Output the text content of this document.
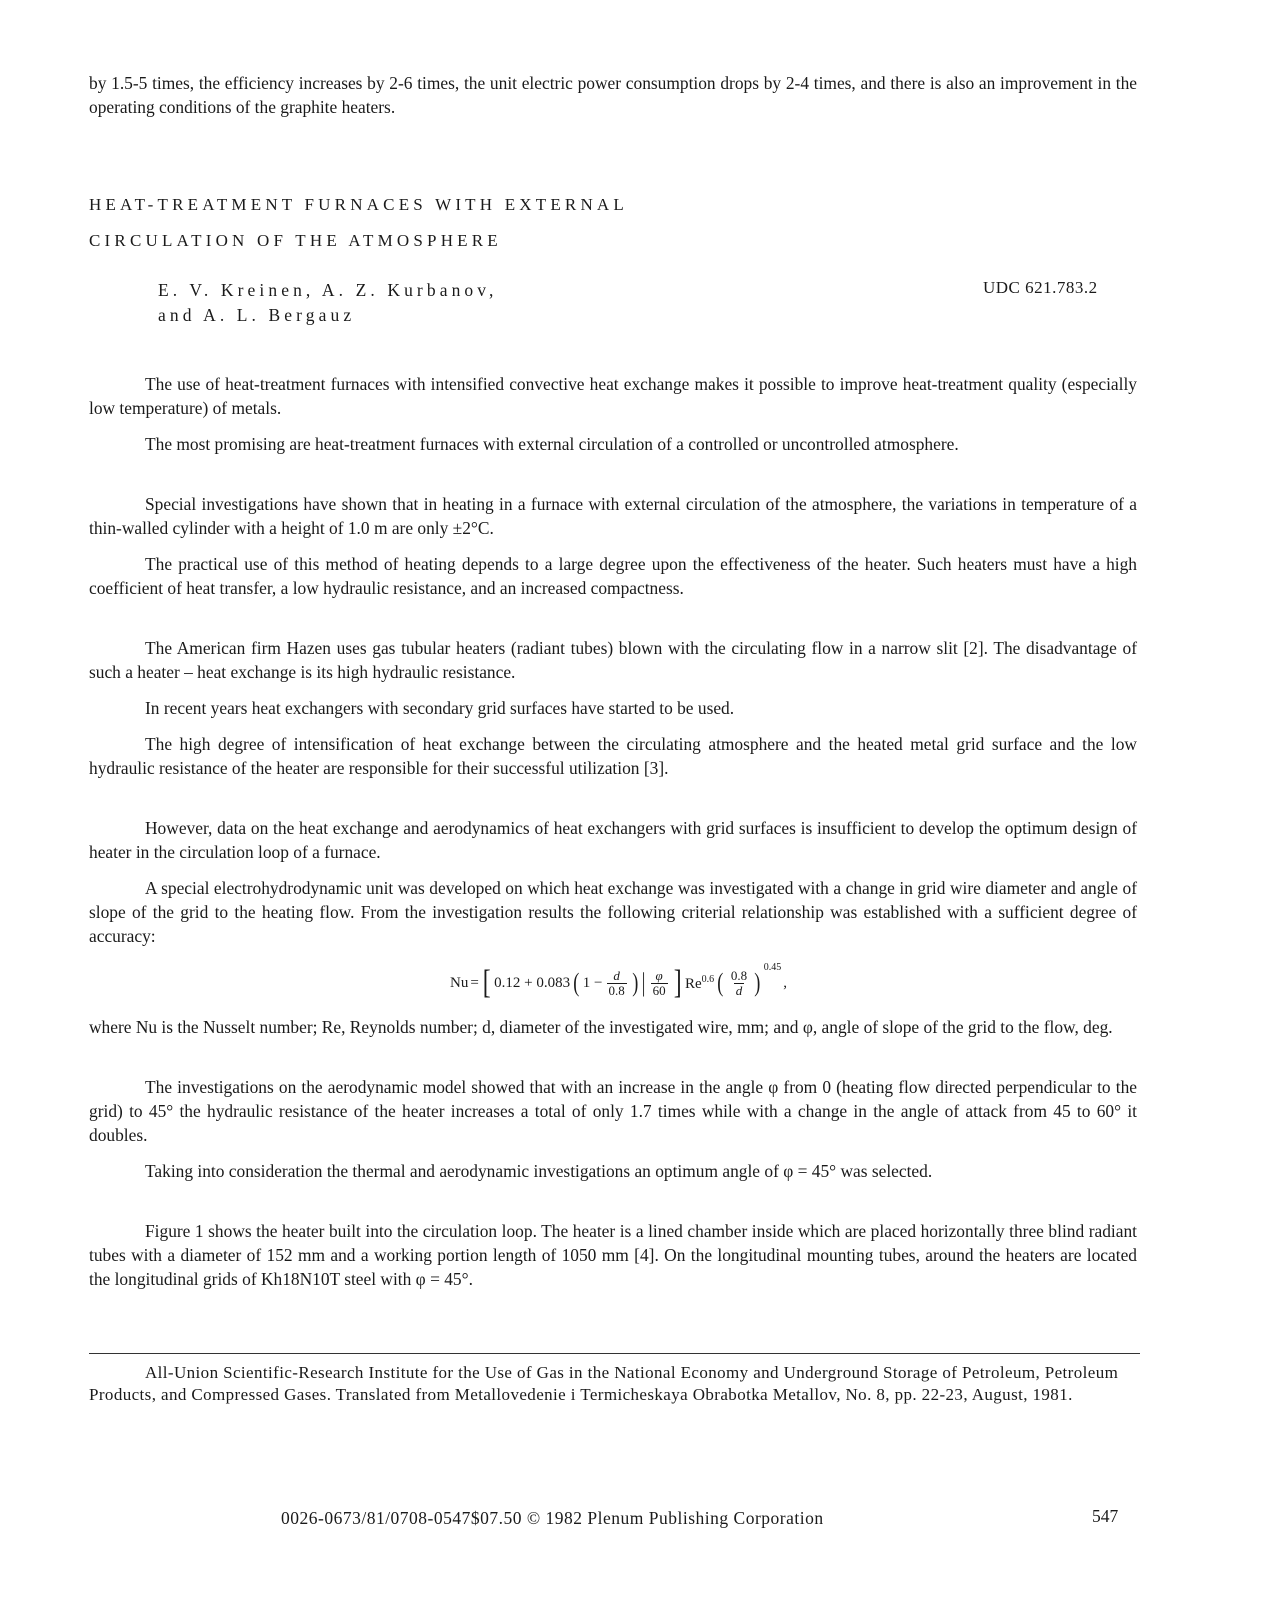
by 1.5-5 times, the efficiency increases by 2-6 times, the unit electric power consumption drops by 2-4 times, and there is also an improvement in the operating conditions of the graphite heaters.

HEAT-TREATMENT FURNACES WITH EXTERNAL
CIRCULATION OF THE ATMOSPHERE
E. V. Kreinen, A. Z. Kurbanov,
and A. L. Bergauz
UDC 621.783.2

The use of heat-treatment furnaces with intensified convective heat exchange makes it possible to improve heat-treatment quality (especially low temperature) of metals.

The most promising are heat-treatment furnaces with external circulation of a controlled or uncontrolled atmosphere.

Special investigations have shown that in heating in a furnace with external circulation of the atmosphere, the variations in temperature of a thin-walled cylinder with a height of 1.0 m are only ±2°C.

The practical use of this method of heating depends to a large degree upon the effectiveness of the heater. Such heaters must have a high coefficient of heat transfer, a low hydraulic resistance, and an increased compactness.

The American firm Hazen uses gas tubular heaters (radiant tubes) blown with the circulating flow in a narrow slit [2]. The disadvantage of such a heater – heat exchange is its high hydraulic resistance.

In recent years heat exchangers with secondary grid surfaces have started to be used.

The high degree of intensification of heat exchange between the circulating atmosphere and the heated metal grid surface and the low hydraulic resistance of the heater are responsible for their successful utilization [3].

However, data on the heat exchange and aerodynamics of heat exchangers with grid surfaces is insufficient to develop the optimum design of heater in the circulation loop of a furnace.

A special electrohydrodynamic unit was developed on which heat exchange was investigated with a change in grid wire diameter and angle of slope of the grid to the heating flow. From the investigation results the following criterial relationship was established with a sufficient degree of accuracy:

Nu = [ 0.12 + 0.083 ( $1 - \frac{d}{0.8}$ ) | $\frac{\varphi}{60}$ ] $Re^{0.6}$ ( $\frac{0.8}{d}$ )
$^{0.45}$
,

where Nu is the Nusselt number; Re, Reynolds number; d, diameter of the investigated wire, mm; and φ, angle of slope of the grid to the flow, deg.

The investigations on the aerodynamic model showed that with an increase in the angle φ from 0 (heating flow directed perpendicular to the grid) to 45° the hydraulic resistance of the heater increases a total of only 1.7 times while with a change in the angle of attack from 45 to 60° it doubles.

Taking into consideration the thermal and aerodynamic investigations an optimum angle of φ = 45° was selected.

Figure 1 shows the heater built into the circulation loop. The heater is a lined chamber inside which are placed horizontally three blind radiant tubes with a diameter of 152 mm and a working portion length of 1050 mm [4]. On the longitudinal mounting tubes, around the heaters are located the longitudinal grids of Kh18N10T steel with φ = 45°.

All-Union Scientific-Research Institute for the Use of Gas in the National Economy and Underground Storage of Petroleum, Petroleum Products, and Compressed Gases. Translated from Metallovedenie i Termicheskaya Obrabotka Metallov, No. 8, pp. 22-23, August, 1981.

0026-0673/81/0708-0547$07.50 © 1982 Plenum Publishing Corporation	547
